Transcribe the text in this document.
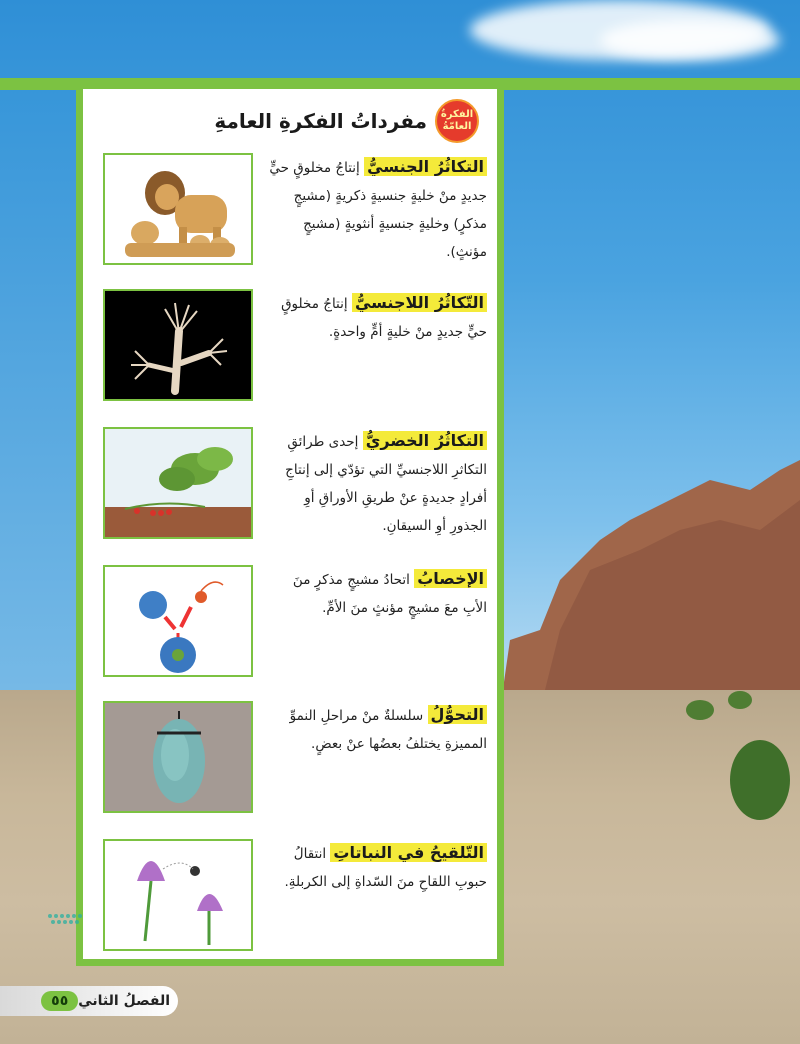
الفكرةُ العامّةُ
مفرداتُ الفكرةِ العامةِ
التكاثُرُ الجنسيُّ إنتاجُ مخلوقٍ حيٍّ جديدٍ منْ خليةٍ جنسيةٍ ذكريةٍ (مشيجٍ مذكرٍ) وخليةٍ جنسيةٍ أنثويةٍ (مشيجٍ مؤنثٍ).
التّكاثُرُ اللاجنسيُّ إنتاجُ مخلوقٍ حيٍّ جديدٍ منْ خليةٍ أمٍّ واحدةٍ.
التكاثُرُ الخضريُّ إحدى طرائقِ التكاثرِ اللاجنسيِّ التي تؤدّي إلى إنتاجِ أفرادٍ جديدةٍ عنْ طريقِ الأوراقِ أوِ الجذورِ أوِ السيقانِ.
الإخصابُ اتحادُ مشيجٍ مذكرٍ منَ الأبِ معَ مشيجٍ مؤنثٍ منَ الأمِّ.
التحوُّلُ سلسلةٌ منْ مراحلِ النموِّ المميزةِ يختلفُ بعضُها عنْ بعضٍ.
التّلقيحُ في النباتاتِ انتقالُ حبوبِ اللقاحِ منَ السّداةِ إلى الكربلةِ.
الفصلُ الثاني
٥٥
